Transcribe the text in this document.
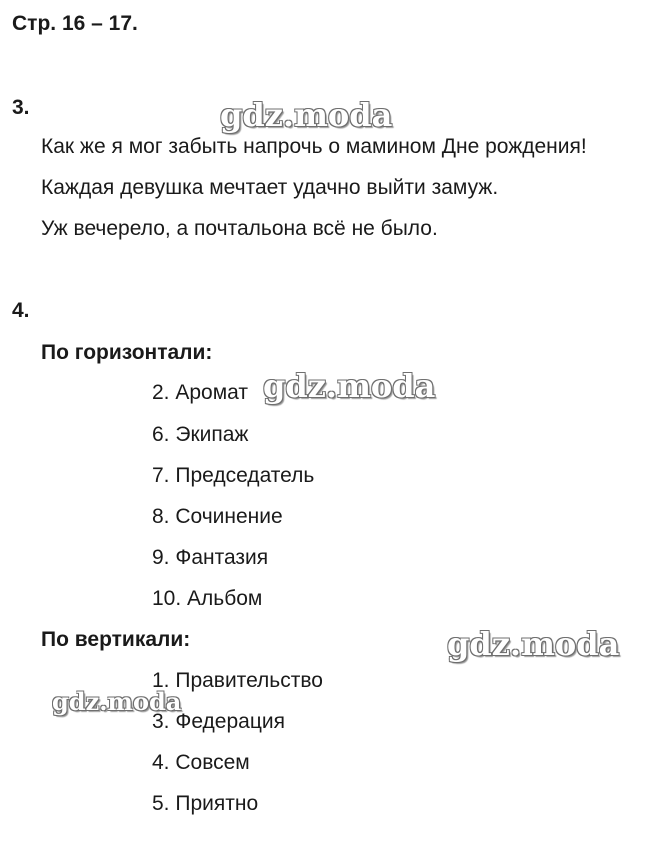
Стр. 16 – 17.
3.
Как же я мог забыть напрочь о мамином Дне рождения!
Каждая девушка мечтает удачно выйти замуж.
Уж вечерело, а почтальона всё не было.
4.
По горизонтали:
2. Аромат
6. Экипаж
7. Председатель
8. Сочинение
9. Фантазия
10. Альбом
По вертикали:
1. Правительство
3. Федерация
4. Совсем
5. Приятно
gdz.moda
gdz.moda
gdz.moda
gdz.moda
